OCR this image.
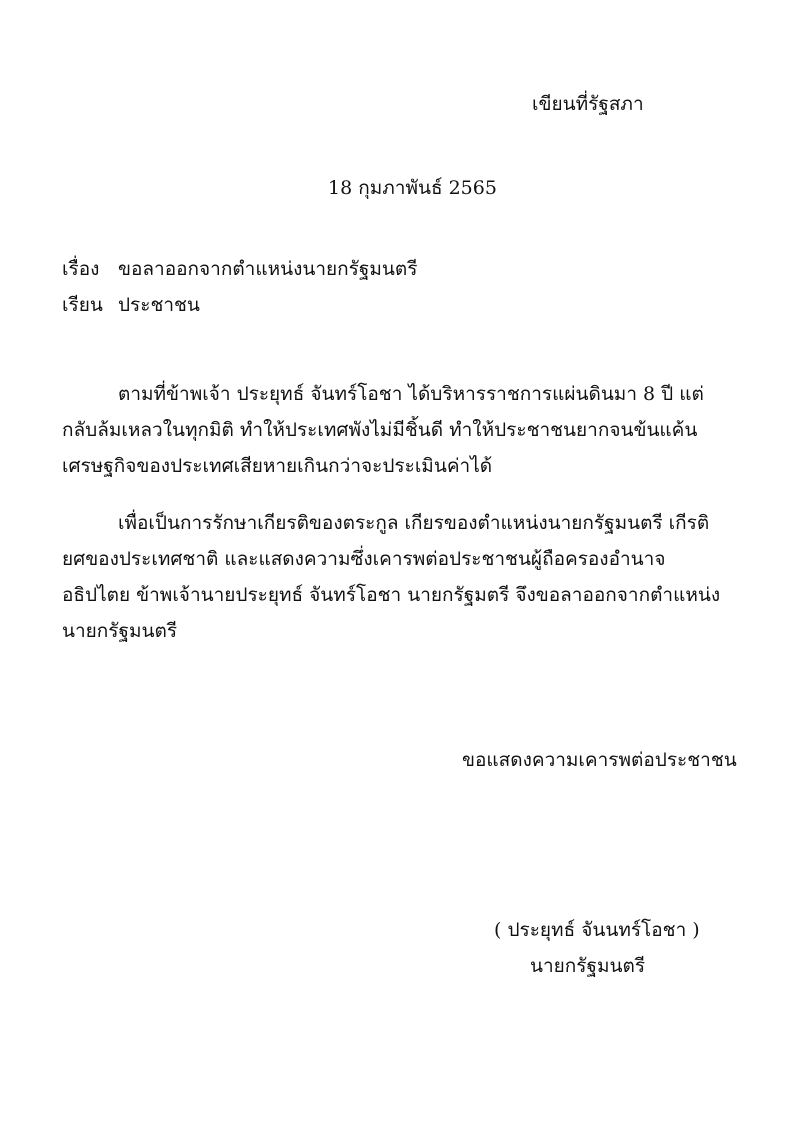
เขียนที่รัฐสภา
18 กุมภาพันธ์ 2565
เรื่อง ขอลาออกจากตำแหน่งนายกรัฐมนตรี
เรียน ประชาชน

ตามที่ข้าพเจ้า ประยุทธ์ จันทร์โอชา ได้บริหารราชการแผ่นดินมา 8 ปี แต่กลับล้มเหลวในทุกมิติ ทำให้ประเทศพังไม่มีชิ้นดี ทำให้ประชาชนยากจนข้นแค้น เศรษฐกิจของประเทศเสียหายเกินกว่าจะประเมินค่าได้

เพื่อเป็นการรักษาเกียรติของตระกูล เกียรของตำแหน่งนายกรัฐมนตรี เกีรติยศของประเทศชาติ และแสดงความซึ่งเคารพต่อประชาชนผู้ถือครองอำนาจอธิปไตย ข้าพเจ้านายประยุทธ์ จันทร์โอชา นายกรัฐมตรี จึงขอลาออกจากตำแหน่งนายกรัฐมนตรี

ขอแสดงความเคารพต่อประชาชน
( ประยุทธ์ จันนทร์โอชา )
นายกรัฐมนตรี
